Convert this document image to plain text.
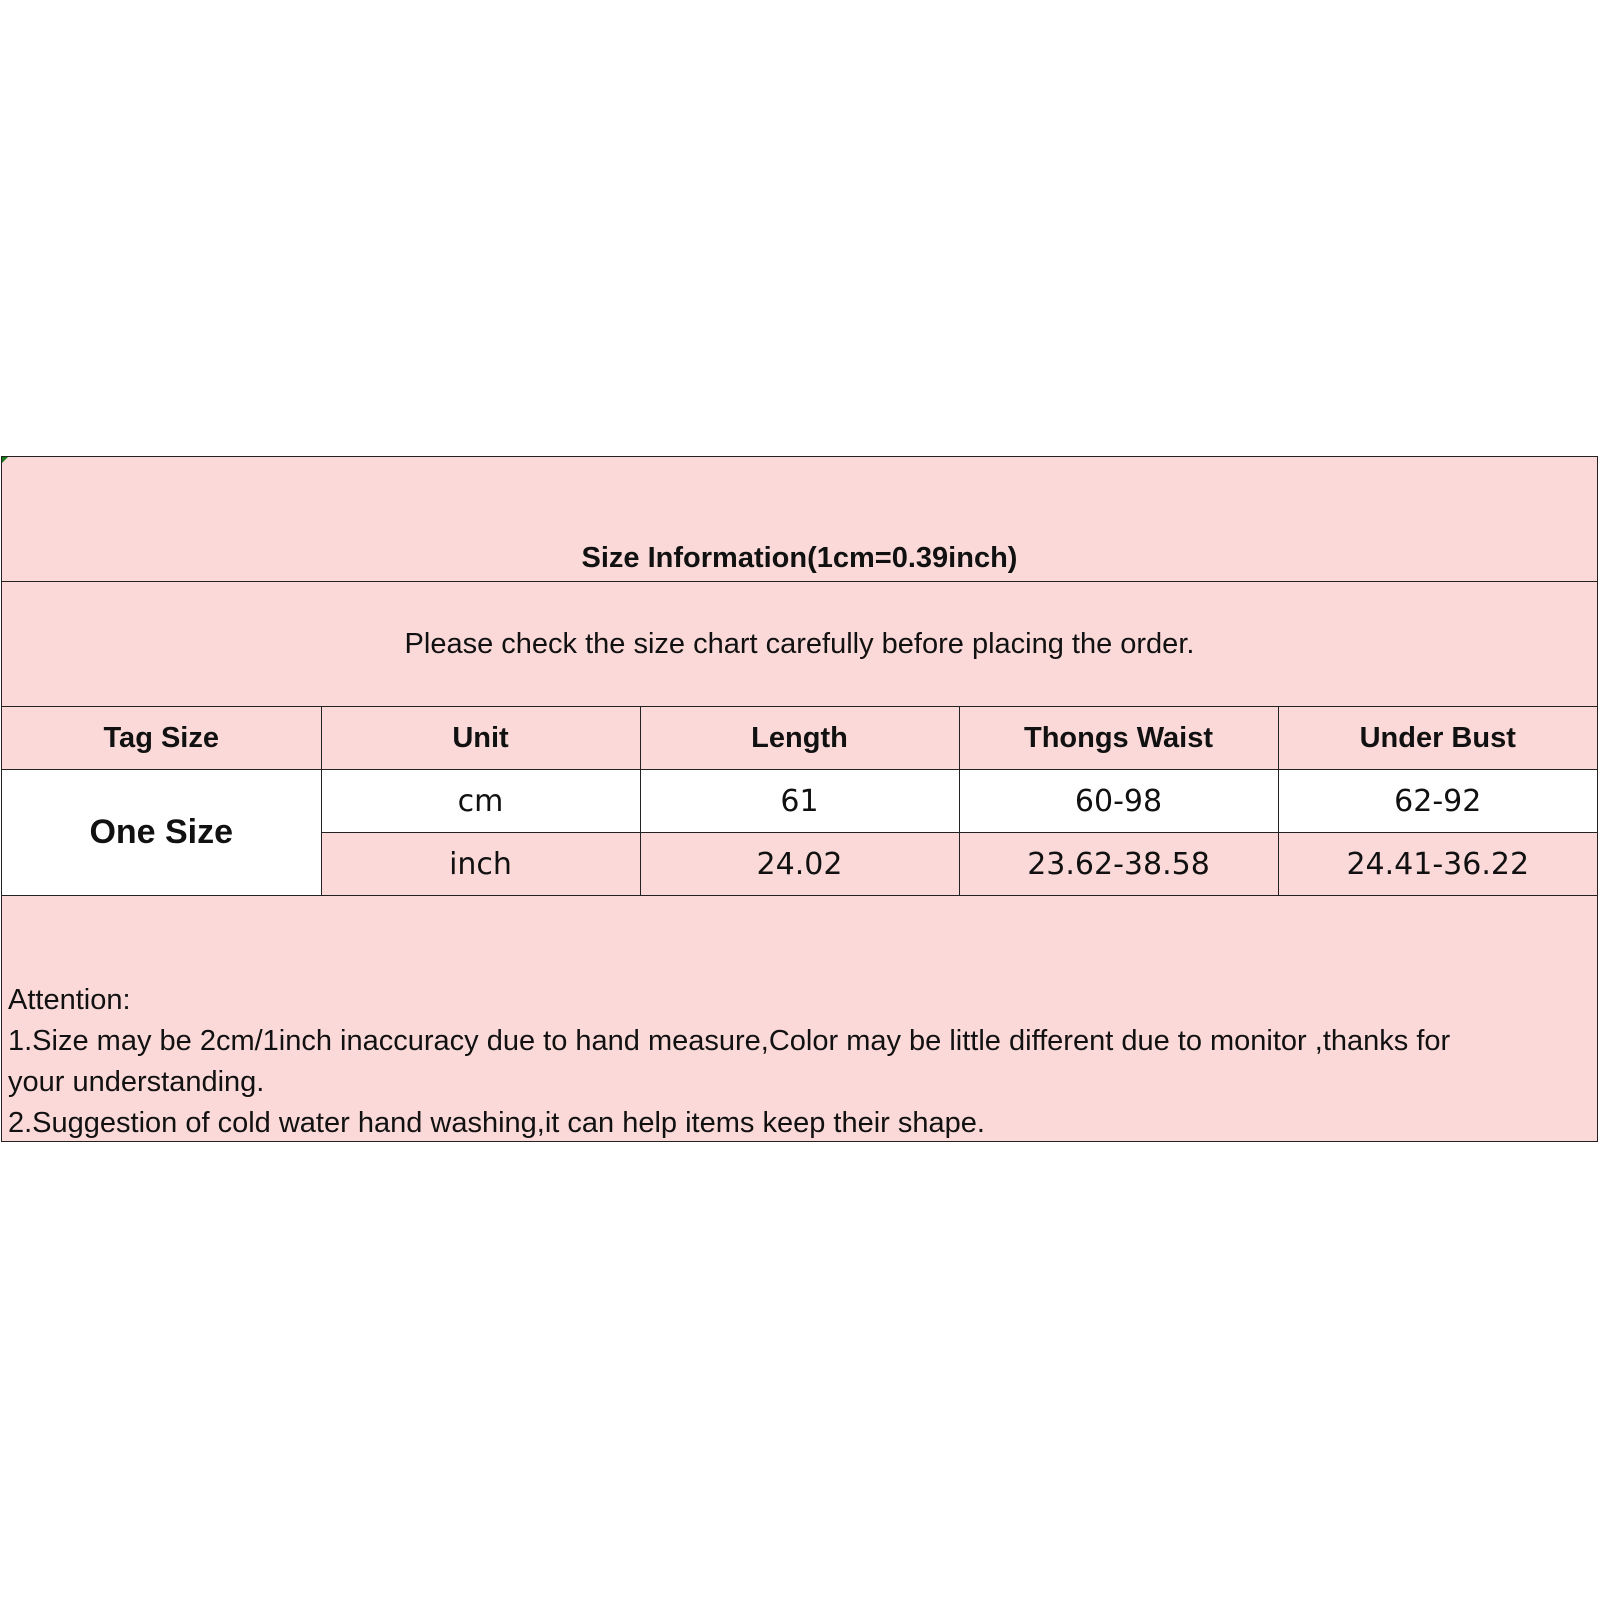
Size Information(1cm=0.39inch)
Please check the size chart carefully before placing the order.
Tag Size	Unit	Length	Thongs Waist	Under Bust
One Size	cm	61	60-98	62-92
	inch	24.02	23.62-38.58	24.41-36.22
Attention:
1.Size may be 2cm/1inch inaccuracy due to hand measure,Color may be little different due to monitor ,thanks for
your understanding.
2.Suggestion of cold water hand washing,it can help items keep their shape.
